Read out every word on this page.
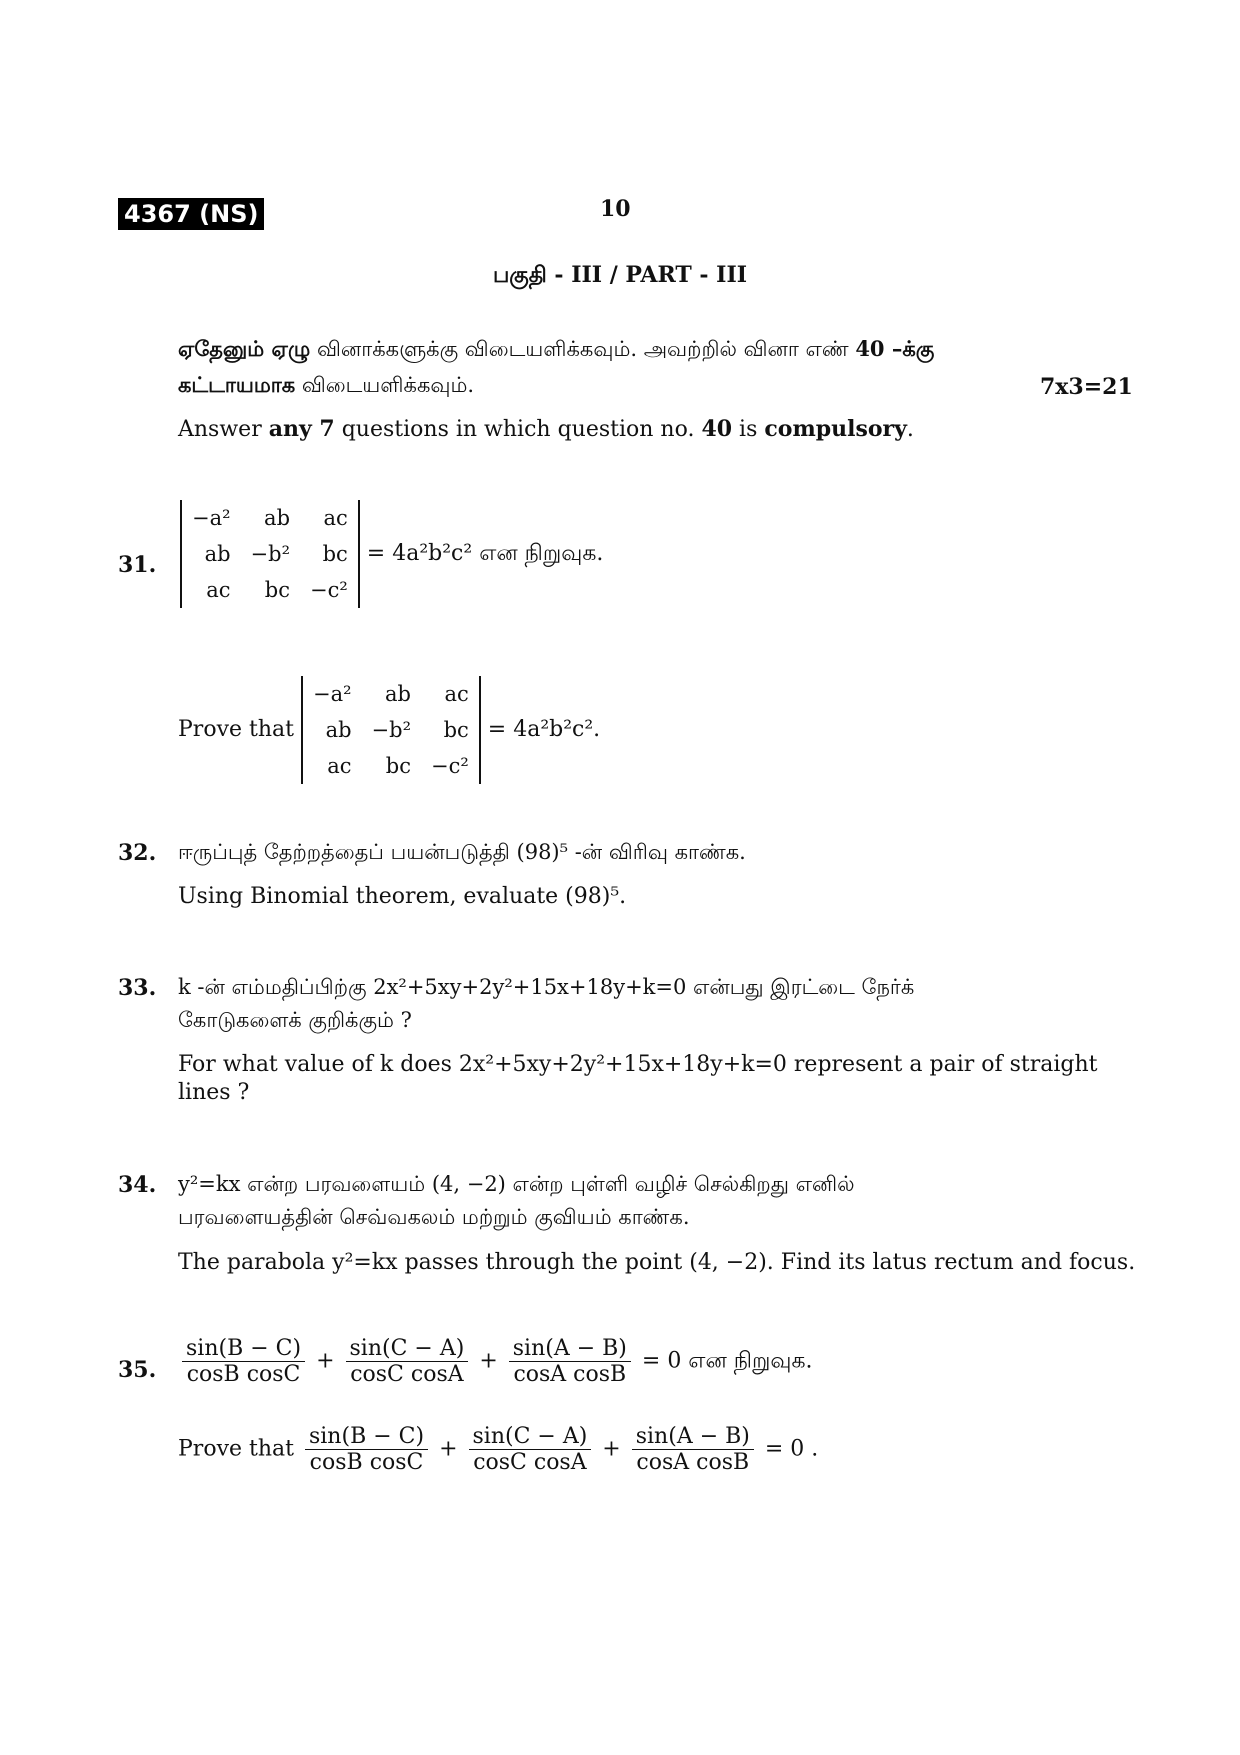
4367 (NS)	10
பகுதி - III / PART - III
ஏதேனும் ஏழு வினாக்களுக்கு விடையளிக்கவும். அவற்றில் வினா எண் 40 –க்கு
கட்டாயமாக விடையளிக்கவும்.	7x3=21
Answer any 7 questions in which question no. 40 is compulsory.
31.
−a²	ab	ac
ab	−b²	bc
ac	bc	−c²
= 4a²b²c² என நிறுவுக.
Prove that
−a²	ab	ac
ab	−b²	bc
ac	bc	−c²
= 4a²b²c².
32. ஈருப்புத் தேற்றத்தைப் பயன்படுத்தி (98)⁵ -ன் விரிவு காண்க.
Using Binomial theorem, evaluate (98)⁵.
33. k -ன் எம்மதிப்பிற்கு 2x²+5xy+2y²+15x+18y+k=0 என்பது இரட்டை நேர்க்
கோடுகளைக் குறிக்கும் ?
For what value of k does 2x²+5xy+2y²+15x+18y+k=0 represent a pair of straight
lines ?
34. y²=kx என்ற பரவளையம் (4, −2) என்ற புள்ளி வழிச் செல்கிறது எனில்
பரவளையத்தின் செவ்வகலம் மற்றும் குவியம் காண்க.
The parabola y²=kx passes through the point (4, −2). Find its latus rectum and focus.
35. $\frac{\sin(B - C)}{\text{cosB cosC}} + \frac{\sin(C - A)}{\text{cosC cosA}} + \frac{\sin(A - B)}{\text{cosA cosB}} = 0$ என நிறுவுக.
Prove that $\frac{\sin(B - C)}{\text{cosB cosC}} + \frac{\sin(C - A)}{\text{cosC cosA}} + \frac{\sin(A - B)}{\text{cosA cosB}} = 0$ .
